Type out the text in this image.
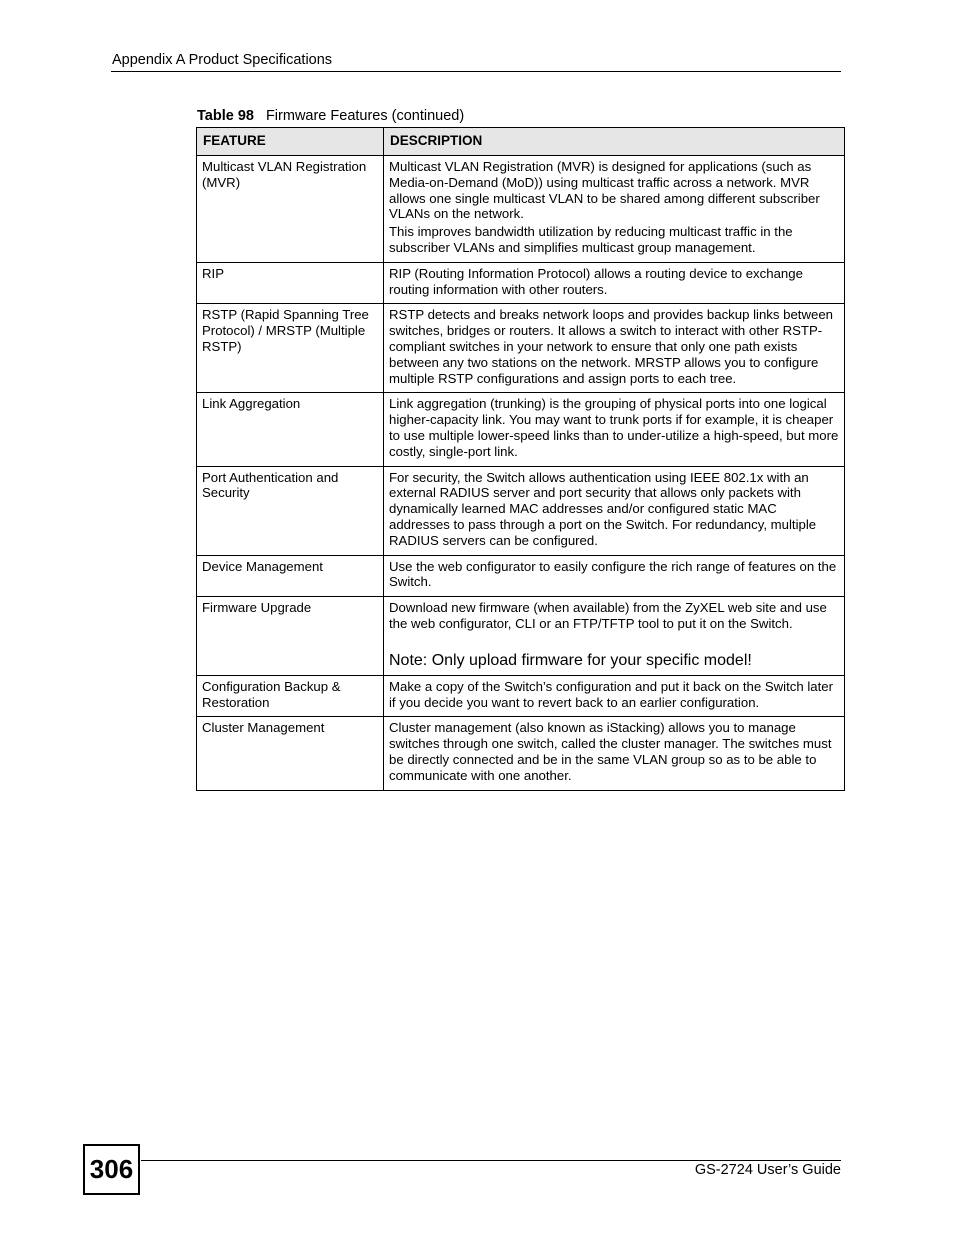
Appendix A Product Specifications
Table 98 Firmware Features (continued)
FEATURE	DESCRIPTION
Multicast VLAN Registration (MVR)	Multicast VLAN Registration (MVR) is designed for applications (such as Media-on-Demand (MoD)) using multicast traffic across a network. MVR allows one single multicast VLAN to be shared among different subscriber VLANs on the network.

This improves bandwidth utilization by reducing multicast traffic in the subscriber VLANs and simplifies multicast group management.

RIP	RIP (Routing Information Protocol) allows a routing device to exchange routing information with other routers.

RSTP (Rapid Spanning Tree Protocol) / MRSTP (Multiple RSTP)	RSTP detects and breaks network loops and provides backup links between switches, bridges or routers. It allows a switch to interact with other RSTP-compliant switches in your network to ensure that only one path exists between any two stations on the network. MRSTP allows you to configure multiple RSTP configurations and assign ports to each tree.

Link Aggregation	Link aggregation (trunking) is the grouping of physical ports into one logical higher-capacity link. You may want to trunk ports if for example, it is cheaper to use multiple lower-speed links than to under-utilize a high-speed, but more costly, single-port link.

Port Authentication and Security	For security, the Switch allows authentication using IEEE 802.1x with an external RADIUS server and port security that allows only packets with dynamically learned MAC addresses and/or configured static MAC addresses to pass through a port on the Switch. For redundancy, multiple RADIUS servers can be configured.

Device Management	Use the web configurator to easily configure the rich range of features on the Switch.

Firmware Upgrade	Download new firmware (when available) from the ZyXEL web site and use the web configurator, CLI or an FTP/TFTP tool to put it on the Switch.

Note: Only upload firmware for your specific model!

Configuration Backup & Restoration	Make a copy of the Switch’s configuration and put it back on the Switch later if you decide you want to revert back to an earlier configuration.

Cluster Management	Cluster management (also known as iStacking) allows you to manage switches through one switch, called the cluster manager. The switches must be directly connected and be in the same VLAN group so as to be able to communicate with one another.

306	GS-2724 User’s Guide
